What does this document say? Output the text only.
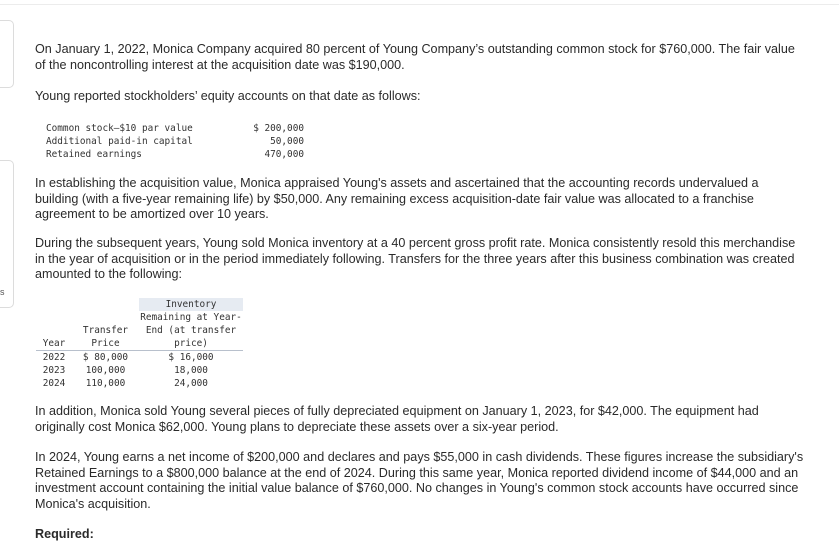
s

On January 1, 2022, Monica Company acquired 80 percent of Young Company’s outstanding common stock for $760,000. The fair value of the noncontrolling interest at the acquisition date was $190,000.

Young reported stockholders’ equity accounts on that date as follows:

Common stock—$10 par value	$ 200,000
Additional paid-in capital	50,000
Retained earnings	470,000

In establishing the acquisition value, Monica appraised Young's assets and ascertained that the accounting records undervalued a building (with a five-year remaining life) by $50,000. Any remaining excess acquisition-date fair value was allocated to a franchise agreement to be amortized over 10 years.

During the subsequent years, Young sold Monica inventory at a 40 percent gross profit rate. Monica consistently resold this merchandise in the year of acquisition or in the period immediately following. Transfers for the three years after this business combination was created amounted to the following:

		Inventory
		Remaining at Year-
	Transfer	End (at transfer
Year	Price	price)
2022	$ 80,000	$ 16,000
2023	100,000	18,000
2024	110,000	24,000

In addition, Monica sold Young several pieces of fully depreciated equipment on January 1, 2023, for $42,000. The equipment had originally cost Monica $62,000. Young plans to depreciate these assets over a six-year period.

In 2024, Young earns a net income of $200,000 and declares and pays $55,000 in cash dividends. These figures increase the subsidiary's Retained Earnings to a $800,000 balance at the end of 2024. During this same year, Monica reported dividend income of $44,000 and an investment account containing the initial value balance of $760,000. No changes in Young's common stock accounts have occurred since Monica's acquisition.

Required:
